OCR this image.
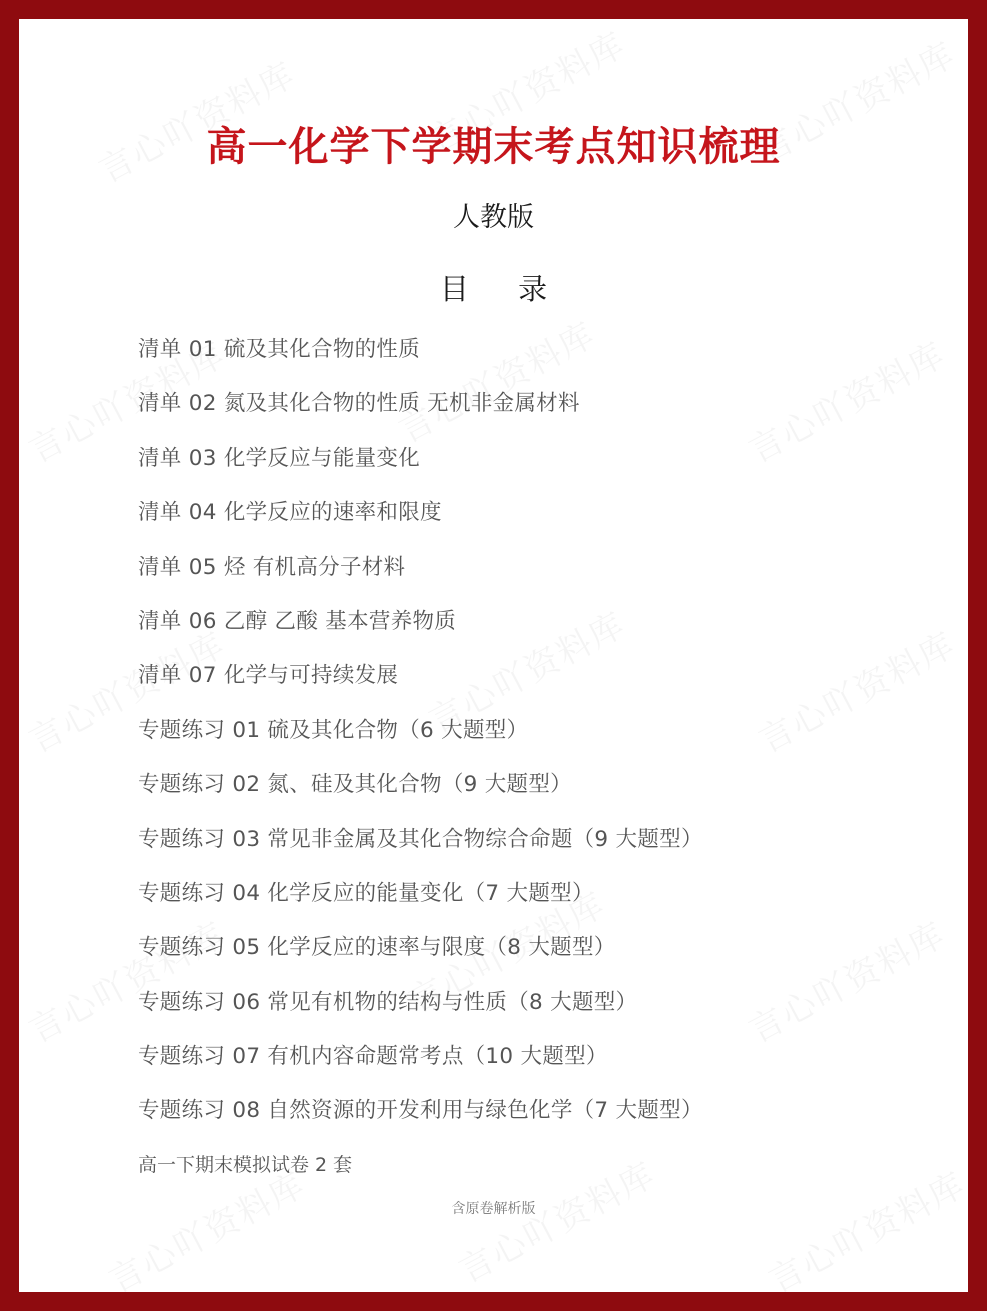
高一化学下学期末考点知识梳理
人教版
目 录
清单 01 硫及其化合物的性质
清单 02 氮及其化合物的性质 无机非金属材料
清单 03 化学反应与能量变化
清单 04 化学反应的速率和限度
清单 05 烃 有机高分子材料
清单 06 乙醇 乙酸 基本营养物质
清单 07 化学与可持续发展
专题练习 01 硫及其化合物（6 大题型）
专题练习 02 氮、硅及其化合物（9 大题型）
专题练习 03 常见非金属及其化合物综合命题（9 大题型）
专题练习 04 化学反应的能量变化（7 大题型）
专题练习 05 化学反应的速率与限度（8 大题型）
专题练习 06 常见有机物的结构与性质（8 大题型）
专题练习 07 有机内容命题常考点（10 大题型）
专题练习 08 自然资源的开发利用与绿色化学（7 大题型）
高一下期末模拟试卷 2 套
含原卷解析版
